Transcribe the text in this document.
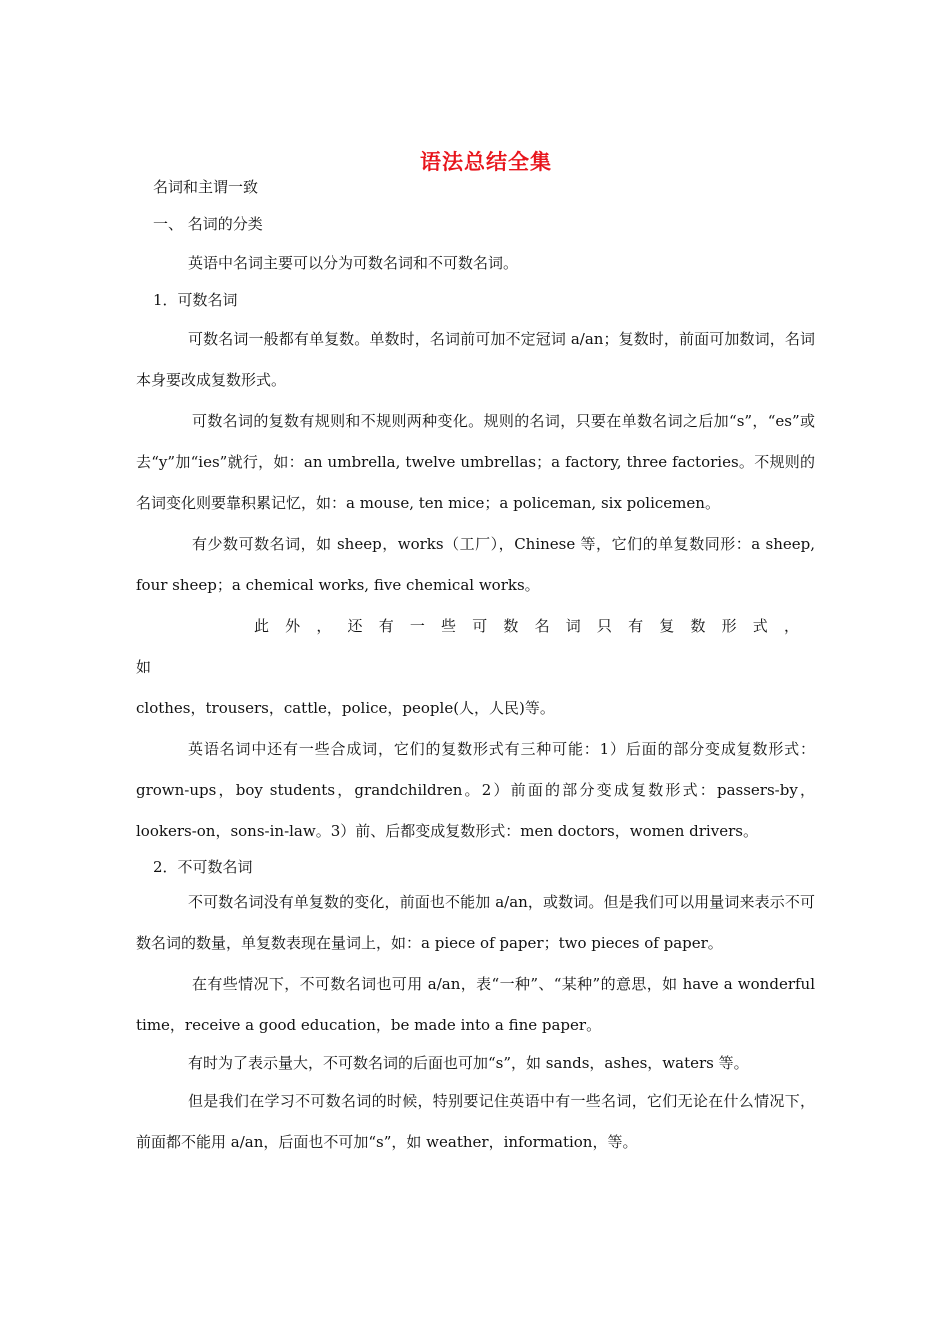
语法总结全集

名词和主谓一致

一、 名词的分类

英语中名词主要可以分为可数名词和不可数名词。

1．可数名词

可数名词一般都有单复数。单数时，名词前可加不定冠词 a/an；复数时，前面可加数词，名词本身要改成复数形式。

可数名词的复数有规则和不规则两种变化。规则的名词，只要在单数名词之后加“s”，“es”或去“y”加“ies”就行，如：an umbrella, twelve umbrellas；a factory, three factories。不规则的名词变化则要靠积累记忆，如：a mouse, ten mice；a policeman, six policemen。

有少数可数名词，如 sheep，works（工厂），Chinese 等，它们的单复数同形：a sheep, four sheep；a chemical works, five chemical works。

此外，还有一些可数名词只有复数形式，如

clothes，trousers，cattle，police，people(人，人民)等。

英语名词中还有一些合成词，它们的复数形式有三种可能：1）后面的部分变成复数形式：grown-ups，boy students，grandchildren。2）前面的部分变成复数形式：passers-by，lookers-on，sons-in-law。3）前、后都变成复数形式：men doctors，women drivers。

2．不可数名词

不可数名词没有单复数的变化，前面也不能加 a/an，或数词。但是我们可以用量词来表示不可数名词的数量，单复数表现在量词上，如：a piece of paper；two pieces of paper。

在有些情况下，不可数名词也可用 a/an，表“一种”、“某种”的意思，如 have a wonderful time，receive a good education，be made into a fine paper。

有时为了表示量大，不可数名词的后面也可加“s”，如 sands，ashes，waters 等。

但是我们在学习不可数名词的时候，特别要记住英语中有一些名词，它们无论在什么情况下，前面都不能用 a/an，后面也不可加“s”，如 weather，information，等。
